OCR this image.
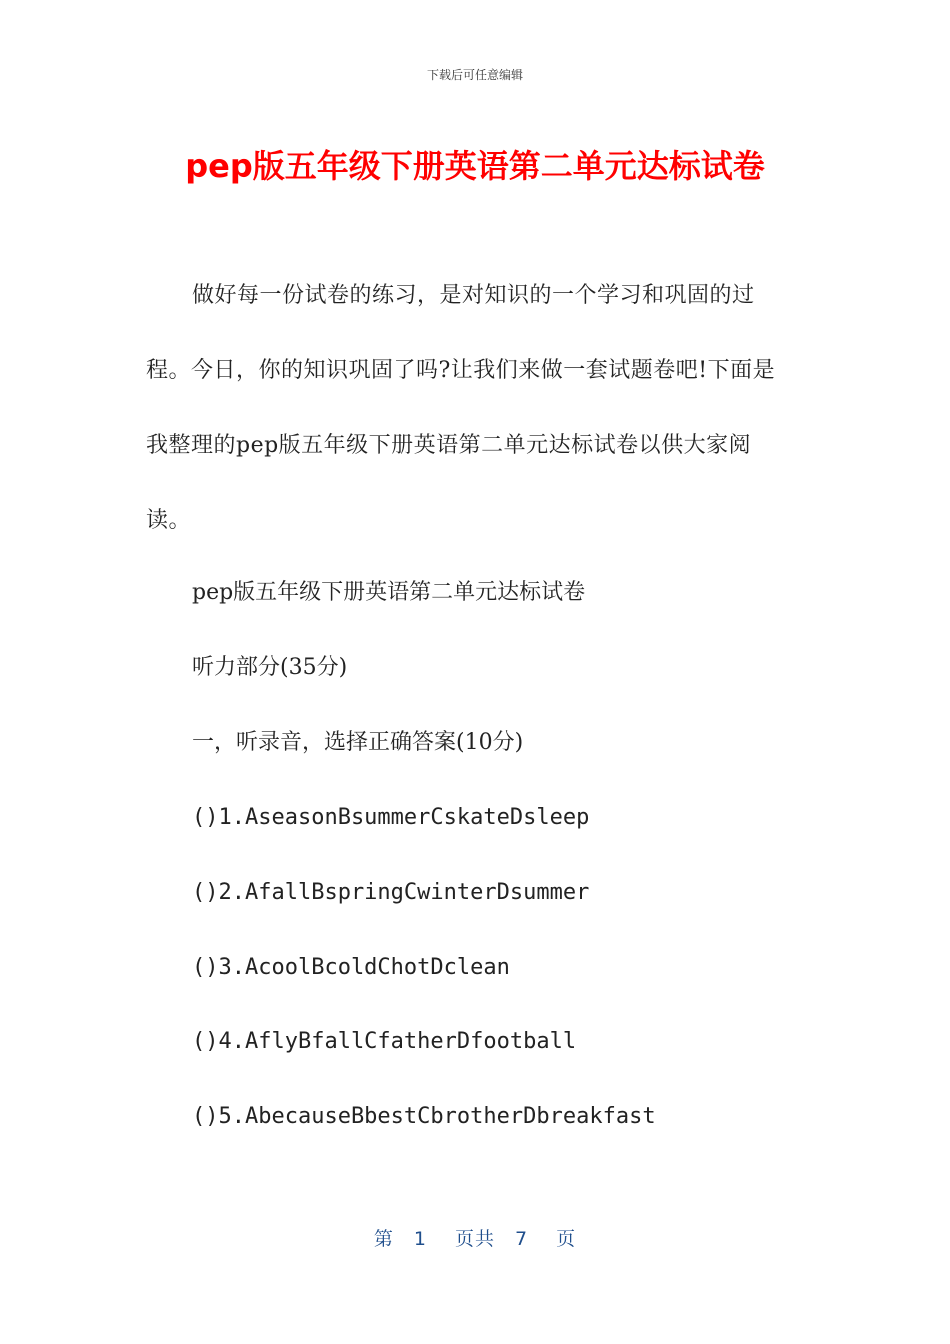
下载后可任意编辑
pep版五年级下册英语第二单元达标试卷

做好每一份试卷的练习，是对知识的一个学习和巩固的过程。今日，你的知识巩固了吗?让我们来做一套试题卷吧!下面是我整理的pep版五年级下册英语第二单元达标试卷以供大家阅读。

pep版五年级下册英语第二单元达标试卷

听力部分(35分)

一，听录音，选择正确答案(10分)

()1.AseasonBsummerCskateDsleep

()2.AfallBspringCwinterDsummer

()3.AcoolBcoldChotDclean

()4.AflyBfallCfatherDfootball

()5.AbecauseBbestCbrotherDbreakfast

第 1 页共 7 页
